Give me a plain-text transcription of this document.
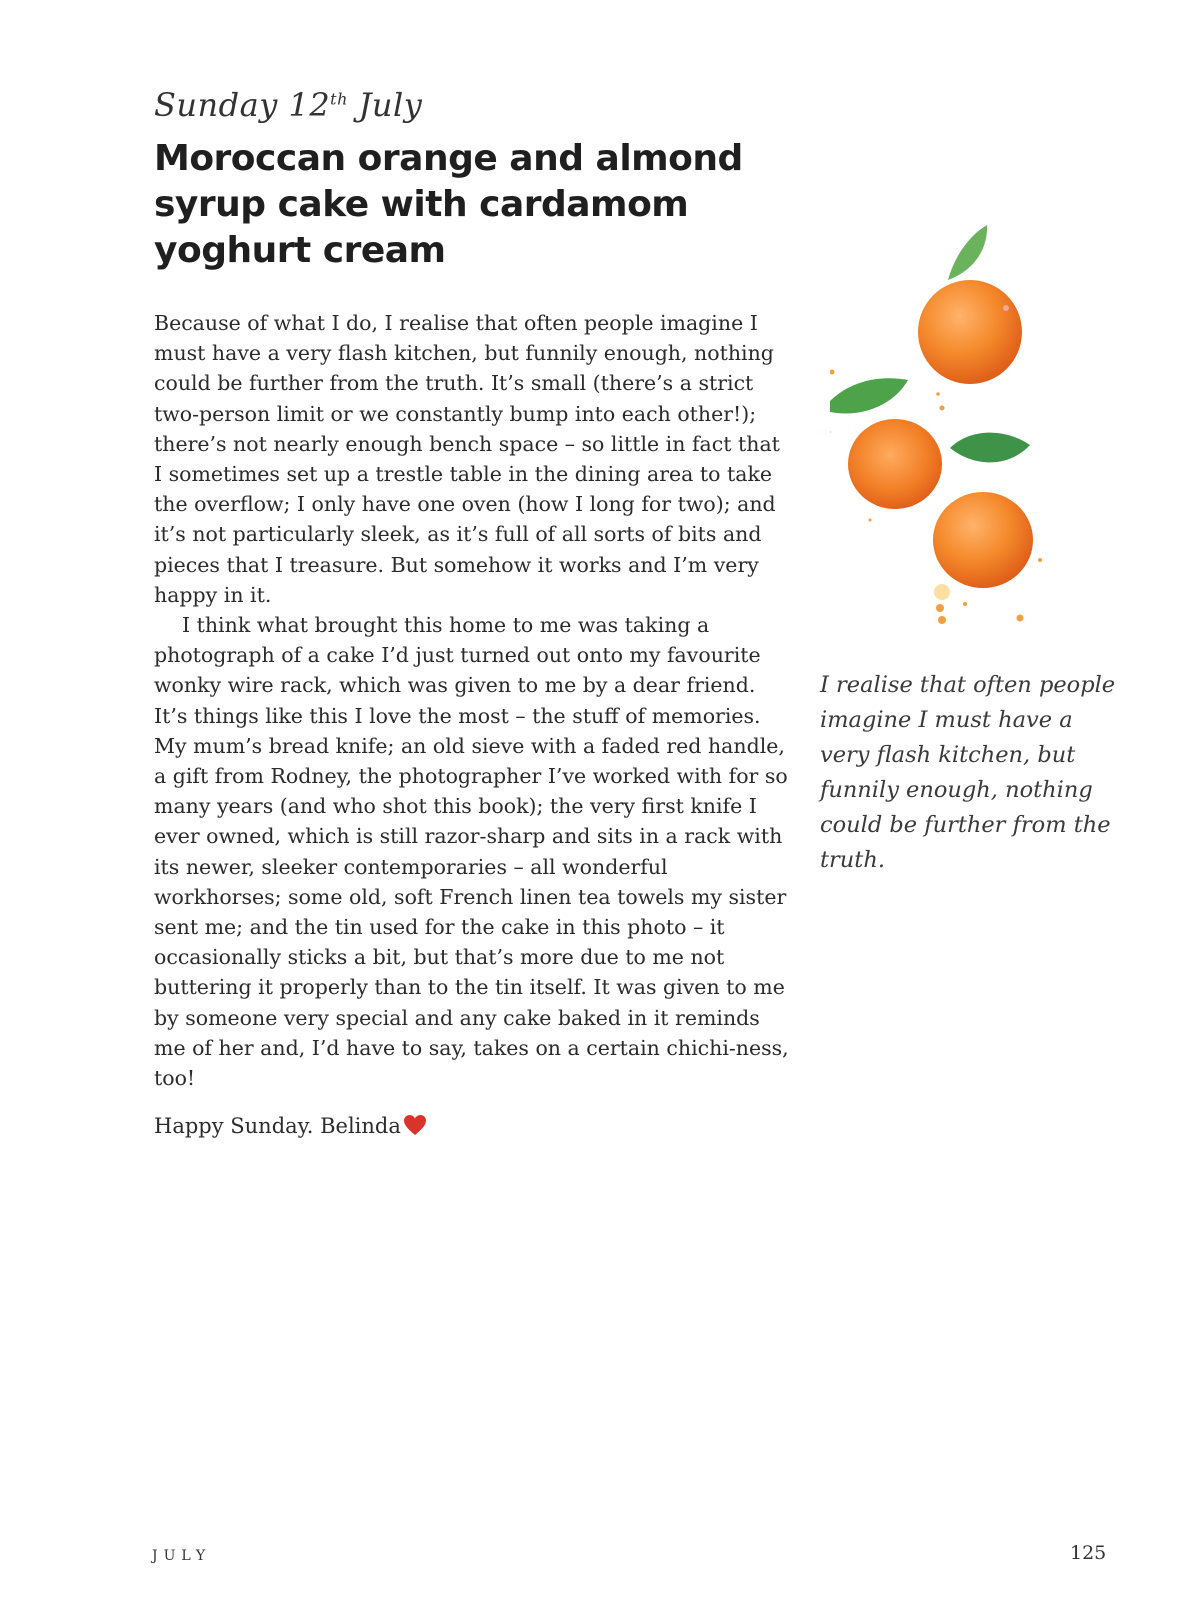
Sunday 12th July
Moroccan orange and almond syrup cake with cardamom yoghurt cream

Because of what I do, I realise that often people imagine I must have a very flash kitchen, but funnily enough, nothing could be further from the truth. It’s small (there’s a strict two-person limit or we constantly bump into each other!); there’s not nearly enough bench space – so little in fact that I sometimes set up a trestle table in the dining area to take the overflow; I only have one oven (how I long for two); and it’s not particularly sleek, as it’s full of all sorts of bits and pieces that I treasure. But somehow it works and I’m very happy in it.

I think what brought this home to me was taking a photograph of a cake I’d just turned out onto my favourite wonky wire rack, which was given to me by a dear friend. It’s things like this I love the most – the stuff of memories. My mum’s bread knife; an old sieve with a faded red handle, a gift from Rodney, the photographer I’ve worked with for so many years (and who shot this book); the very first knife I ever owned, which is still razor-sharp and sits in a rack with its newer, sleeker contemporaries – all wonderful workhorses; some old, soft French linen tea towels my sister sent me; and the tin used for the cake in this photo – it occasionally sticks a bit, but that’s more due to me not buttering it properly than to the tin itself. It was given to me by someone very special and any cake baked in it reminds me of her and, I’d have to say, takes on a certain chichi-ness, too!

Happy Sunday. Belinda
I realise that often people imagine I must have a very flash kitchen, but funnily enough, nothing could be further from the truth.
JULY	125
